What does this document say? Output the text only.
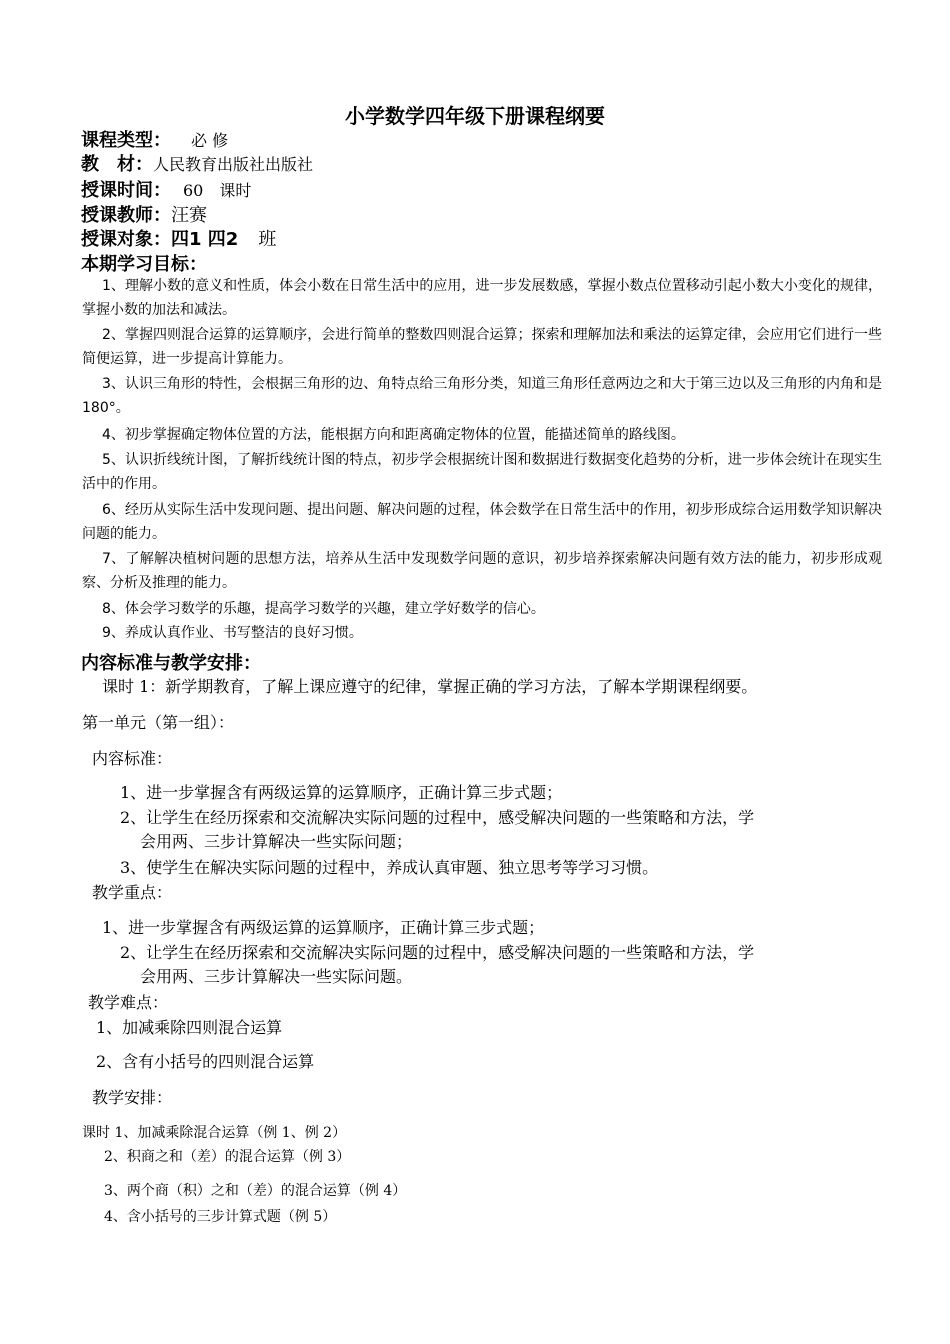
小学数学四年级下册课程纲要
课程类型： 必 修
教　材：人民教育出版社出版社
授课时间： 60　课时
授课教师：汪赛
授课对象：四1 四2 班
本期学习目标：

1、理解小数的意义和性质，体会小数在日常生活中的应用，进一步发展数感，掌握小数点位置移动引起小数大小变化的规律，掌握小数的加法和减法。

2、掌握四则混合运算的运算顺序，会进行简单的整数四则混合运算；探索和理解加法和乘法的运算定律，会应用它们进行一些简便运算，进一步提高计算能力。

3、认识三角形的特性，会根据三角形的边、角特点给三角形分类，知道三角形任意两边之和大于第三边以及三角形的内角和是 180°。

4、初步掌握确定物体位置的方法，能根据方向和距离确定物体的位置，能描述简单的路线图。

5、认识折线统计图，了解折线统计图的特点，初步学会根据统计图和数据进行数据变化趋势的分析，进一步体会统计在现实生活中的作用。

6、经历从实际生活中发现问题、提出问题、解决问题的过程，体会数学在日常生活中的作用，初步形成综合运用数学知识解决问题的能力。

7、了解解决植树问题的思想方法，培养从生活中发现数学问题的意识，初步培养探索解决问题有效方法的能力，初步形成观察、分析及推理的能力。

8、体会学习数学的乐趣，提高学习数学的兴趣，建立学好数学的信心。

9、养成认真作业、书写整洁的良好习惯。

内容标准与教学安排：
课时 1：新学期教育，了解上课应遵守的纪律，掌握正确的学习方法，了解本学期课程纲要。
第一单元（第一组）：
内容标准：
1、进一步掌握含有两级运算的运算顺序，正确计算三步式题；
2、让学生在经历探索和交流解决实际问题的过程中，感受解决问题的一些策略和方法，学
会用两、三步计算解决一些实际问题；
3、使学生在解决实际问题的过程中，养成认真审题、独立思考等学习习惯。
教学重点：
1、进一步掌握含有两级运算的运算顺序，正确计算三步式题；
2、让学生在经历探索和交流解决实际问题的过程中，感受解决问题的一些策略和方法，学
会用两、三步计算解决一些实际问题。
教学难点：
1、加减乘除四则混合运算
2、含有小括号的四则混合运算
教学安排：
课时 1、加减乘除混合运算（例 1、例 2）
2、积商之和（差）的混合运算（例 3）
3、两个商（积）之和（差）的混合运算（例 4）
4、含小括号的三步计算式题（例 5）
